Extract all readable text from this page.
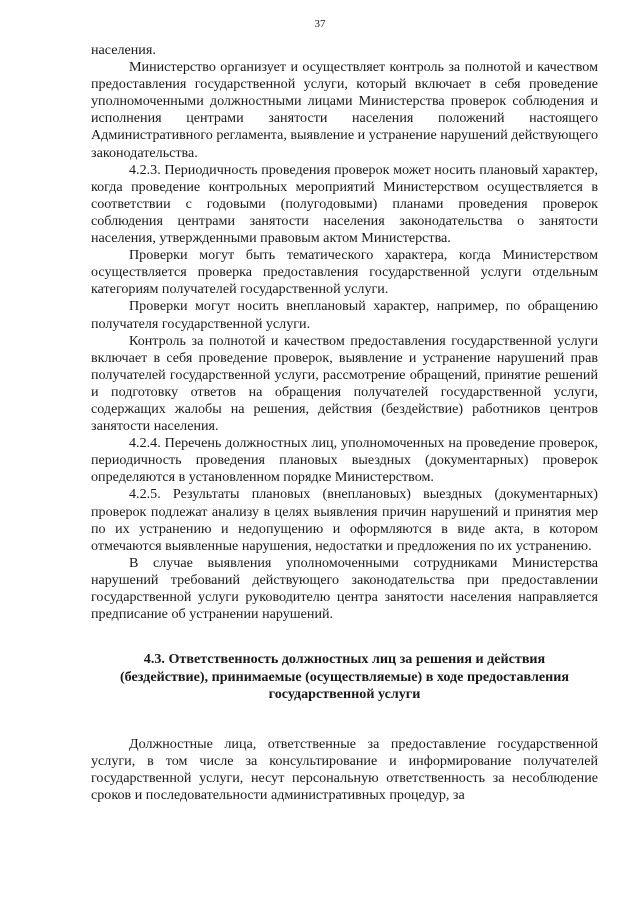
37

населения.

Министерство организует и осуществляет контроль за полнотой и качеством предоставления государственной услуги, который включает в себя проведение уполномоченными должностными лицами Министерства проверок соблюдения и исполнения центрами занятости населения положений настоящего Административного регламента, выявление и устранение нарушений действующего законодательства.

4.2.3. Периодичность проведения проверок может носить плановый характер, когда проведение контрольных мероприятий Министерством осуществляется в соответствии с годовыми (полугодовыми) планами проведения проверок соблюдения центрами занятости населения законодательства о занятости населения, утвержденными правовым актом Министерства.

Проверки могут быть тематического характера, когда Министерством осуществляется проверка предоставления государственной услуги отдельным категориям получателей государственной услуги.

Проверки могут носить внеплановый характер, например, по обращению получателя государственной услуги.

Контроль за полнотой и качеством предоставления государственной услуги включает в себя проведение проверок, выявление и устранение нарушений прав получателей государственной услуги, рассмотрение обращений, принятие решений и подготовку ответов на обращения получателей государственной услуги, содержащих жалобы на решения, действия (бездействие) работников центров занятости населения.

4.2.4. Перечень должностных лиц, уполномоченных на проведение проверок, периодичность проведения плановых выездных (документарных) проверок определяются в установленном порядке Министерством.

4.2.5. Результаты плановых (внеплановых) выездных (документарных) проверок подлежат анализу в целях выявления причин нарушений и принятия мер по их устранению и недопущению и оформляются в виде акта, в котором отмечаются выявленные нарушения, недостатки и предложения по их устранению.

В случае выявления уполномоченными сотрудниками Министерства нарушений требований действующего законодательства при предоставлении государственной услуги руководителю центра занятости населения направляется предписание об устранении нарушений.

4.3. Ответственность должностных лиц за решения и действия (бездействие), принимаемые (осуществляемые) в ходе предоставления государственной услуги

Должностные лица, ответственные за предоставление государственной услуги, в том числе за консультирование и информирование получателей государственной услуги, несут персональную ответственность за несоблюдение сроков и последовательности административных процедур, за
